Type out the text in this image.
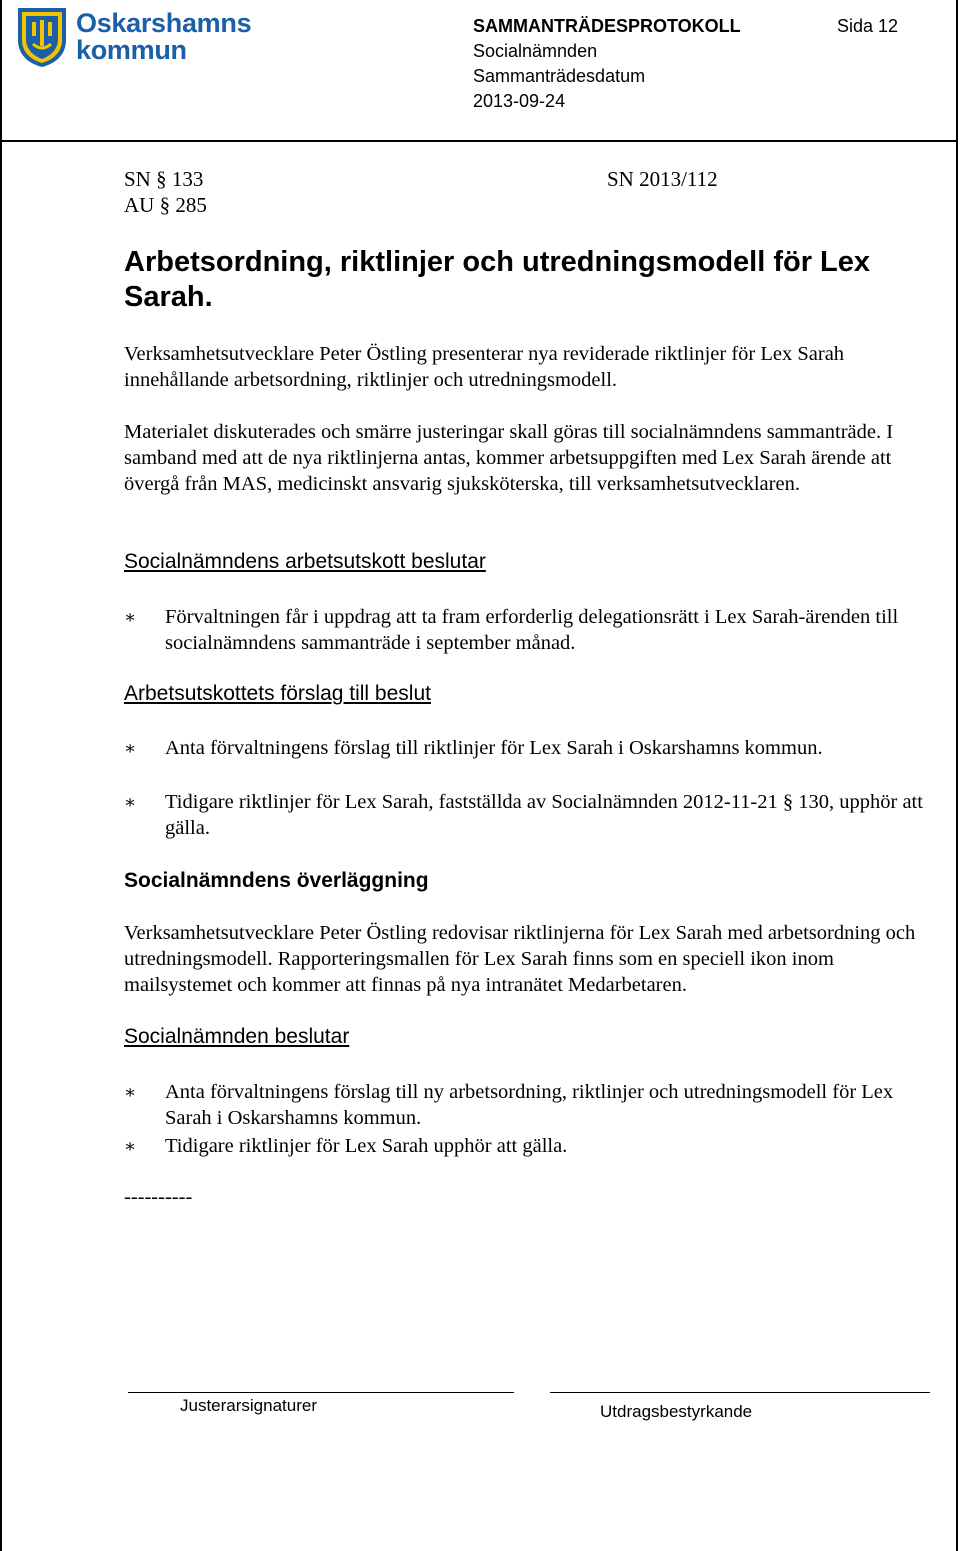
Oskarshamns
kommun
SAMMANTRÄDESPROTOKOLL
Socialnämnden
Sammanträdesdatum
2013-09-24
Sida 12
SN § 133
AU § 285
SN 2013/112
Arbetsordning, riktlinjer och utredningsmodell för Lex Sarah.
Verksamhetsutvecklare Peter Östling presenterar nya reviderade riktlinjer för Lex Sarah innehållande arbetsordning, riktlinjer och utredningsmodell.
Materialet diskuterades och smärre justeringar skall göras till socialnämndens sammanträde. I samband med att de nya riktlinjerna antas, kommer arbetsuppgiften med Lex Sarah ärende att övergå från MAS, medicinskt ansvarig sjuksköterska, till verksamhetsutvecklaren.
Socialnämndens arbetsutskott beslutar
∗	Förvaltningen får i uppdrag att ta fram erforderlig delegationsrätt i Lex Sarah-ärenden till socialnämndens sammanträde i september månad.
Arbetsutskottets förslag till beslut
∗	Anta förvaltningens förslag till riktlinjer för Lex Sarah i Oskarshamns kommun.
∗	Tidigare riktlinjer för Lex Sarah, fastställda av Socialnämnden 2012-11-21 § 130, upphör att gälla.
Socialnämndens överläggning
Verksamhetsutvecklare Peter Östling redovisar riktlinjerna för Lex Sarah med arbetsordning och utredningsmodell. Rapporteringsmallen för Lex Sarah finns som en speciell ikon inom mailsystemet och kommer att finnas på nya intranätet Medarbetaren.
Socialnämnden beslutar
∗	Anta förvaltningens förslag till ny arbetsordning, riktlinjer och utredningsmodell för Lex Sarah i Oskarshamns kommun.
∗	Tidigare riktlinjer för Lex Sarah upphör att gälla.
----------
Justerarsignaturer	Utdragsbestyrkande
